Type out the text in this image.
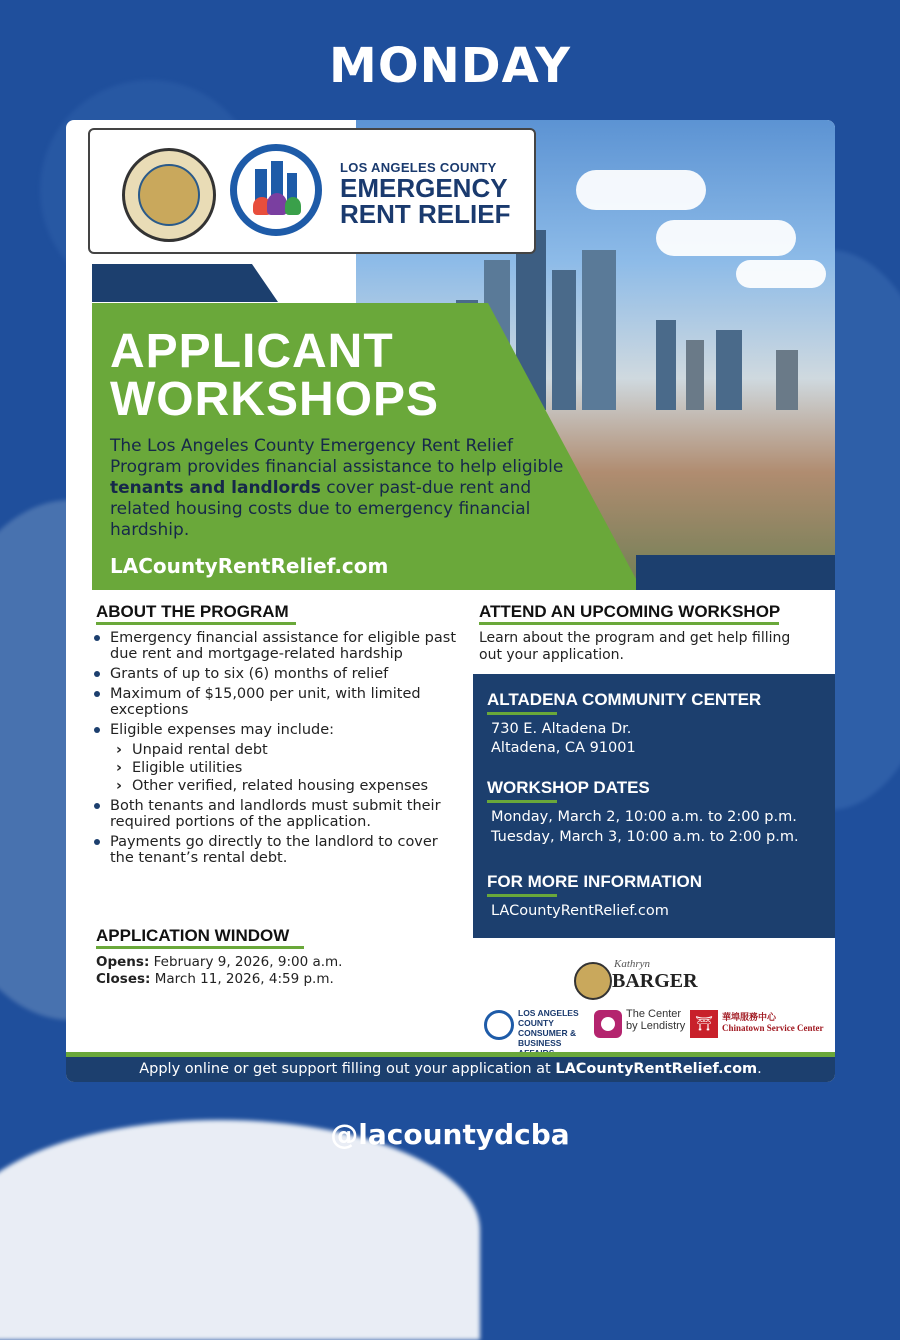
MONDAY
LOS ANGELES COUNTY
EMERGENCY
RENT RELIEF
APPLICANT
WORKSHOPS
The Los Angeles County Emergency Rent Relief Program provides financial assistance to help eligible tenants and landlords cover past-due rent and related housing costs due to emergency financial hardship.
LACountyRentRelief.com
ABOUT THE PROGRAM
Emergency financial assistance for eligible past due rent and mortgage-related hardship
Grants of up to six (6) months of relief
Maximum of $15,000 per unit, with limited exceptions
Eligible expenses may include:
› Unpaid rental debt
› Eligible utilities
› Other verified, related housing expenses
Both tenants and landlords must submit their required portions of the application.
Payments go directly to the landlord to cover the tenant’s rental debt.
APPLICATION WINDOW
Opens: February 9, 2026, 9:00 a.m.
Closes: March 11, 2026, 4:59 p.m.
ATTEND AN UPCOMING WORKSHOP
Learn about the program and get help filling out your application.
ALTADENA COMMUNITY CENTER
730 E. Altadena Dr.
Altadena, CA 91001
WORKSHOP DATES
Monday, March 2, 10:00 a.m. to 2:00 p.m.
Tuesday, March 3, 10:00 a.m. to 2:00 p.m.
FOR MORE INFORMATION
LACountyRentRelief.com
Kathryn
BARGER
LOS ANGELES COUNTY CONSUMER & BUSINESS
The Center by Lendistry ⛩	華埠服務中心
Chinatown Service Center
Apply online or get support filling out your application at LACountyRentRelief.com.
@lacountydcba
